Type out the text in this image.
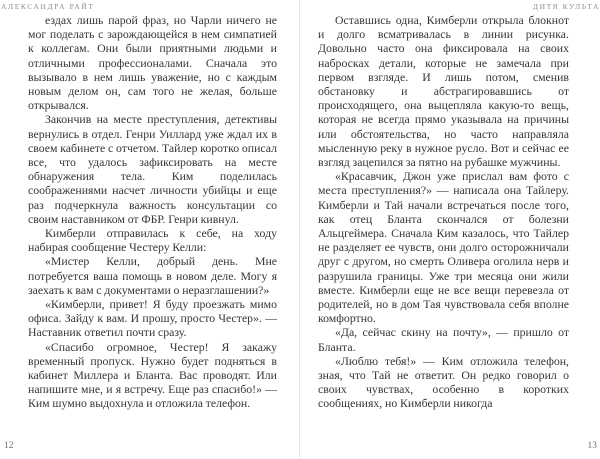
АЛЕКСАНДРА РАЙТ	ДИТЯ КУЛЬТА

ездах лишь парой фраз, но Чарли ничего не мог поделать с зарождающейся в нем симпатией к коллегам. Они были приятными людьми и отличными профессионалами. Сначала это вызывало в нем лишь уважение, но с каждым новым делом он, сам того не желая, больше открывался.

Закончив на месте преступления, детективы вернулись в отдел. Генри Уиллард уже ждал их в своем кабинете с отчетом. Тайлер коротко описал все, что удалось зафиксировать на месте обнаружения тела. Ким поделилась соображениями насчет личности убийцы и еще раз подчеркнула важность консультации со своим наставником от ФБР. Генри кивнул.

Кимберли отправилась к себе, на ходу набирая сообщение Честеру Келли:

«Мистер Келли, добрый день. Мне потребуется ваша помощь в новом деле. Могу я заехать к вам с документами о неразглашении?»

«Кимберли, привет! Я буду проезжать мимо офиса. Зайду к вам. И прошу, просто Честер». — Наставник ответил почти сразу.

«Спасибо огромное, Честер! Я закажу временный пропуск. Нужно будет подняться в кабинет Миллера и Бланта. Вас проводят. Или напишите мне, и я встречу. Еще раз спасибо!» — Ким шумно выдохнула и отложила телефон.

Оставшись одна, Кимберли открыла блокнот и долго всматривалась в линии рисунка. Довольно часто она фиксировала на своих набросках детали, которые не замечала при первом взгляде. И лишь потом, сменив обстановку и абстрагировавшись от происходящего, она выцепляла какую-то вещь, которая не всегда прямо указывала на причины или обстоятельства, но часто направляла мысленную реку в нужное русло. Вот и сейчас ее взгляд зацепился за пятно на рубашке мужчины.

«Красавчик, Джон уже прислал вам фото с места преступления?» — написала она Тайлеру. Кимберли и Тай начали встречаться после того, как отец Бланта скончался от болезни Альцгеймера. Сначала Ким казалось, что Тайлер не разделяет ее чувств, они долго осторожничали друг с другом, но смерть Оливера оголила нерв и разрушила границы. Уже три месяца они жили вместе. Кимберли еще не все вещи перевезла от родителей, но в дом Тая чувствовала себя вполне комфортно.

«Да, сейчас скину на почту», — пришло от Бланта.

«Люблю тебя!» — Ким отложила телефон, зная, что Тай не ответит. Он редко говорил о своих чувствах, особенно в коротких сообщениях, но Кимберли никогда

12	13
